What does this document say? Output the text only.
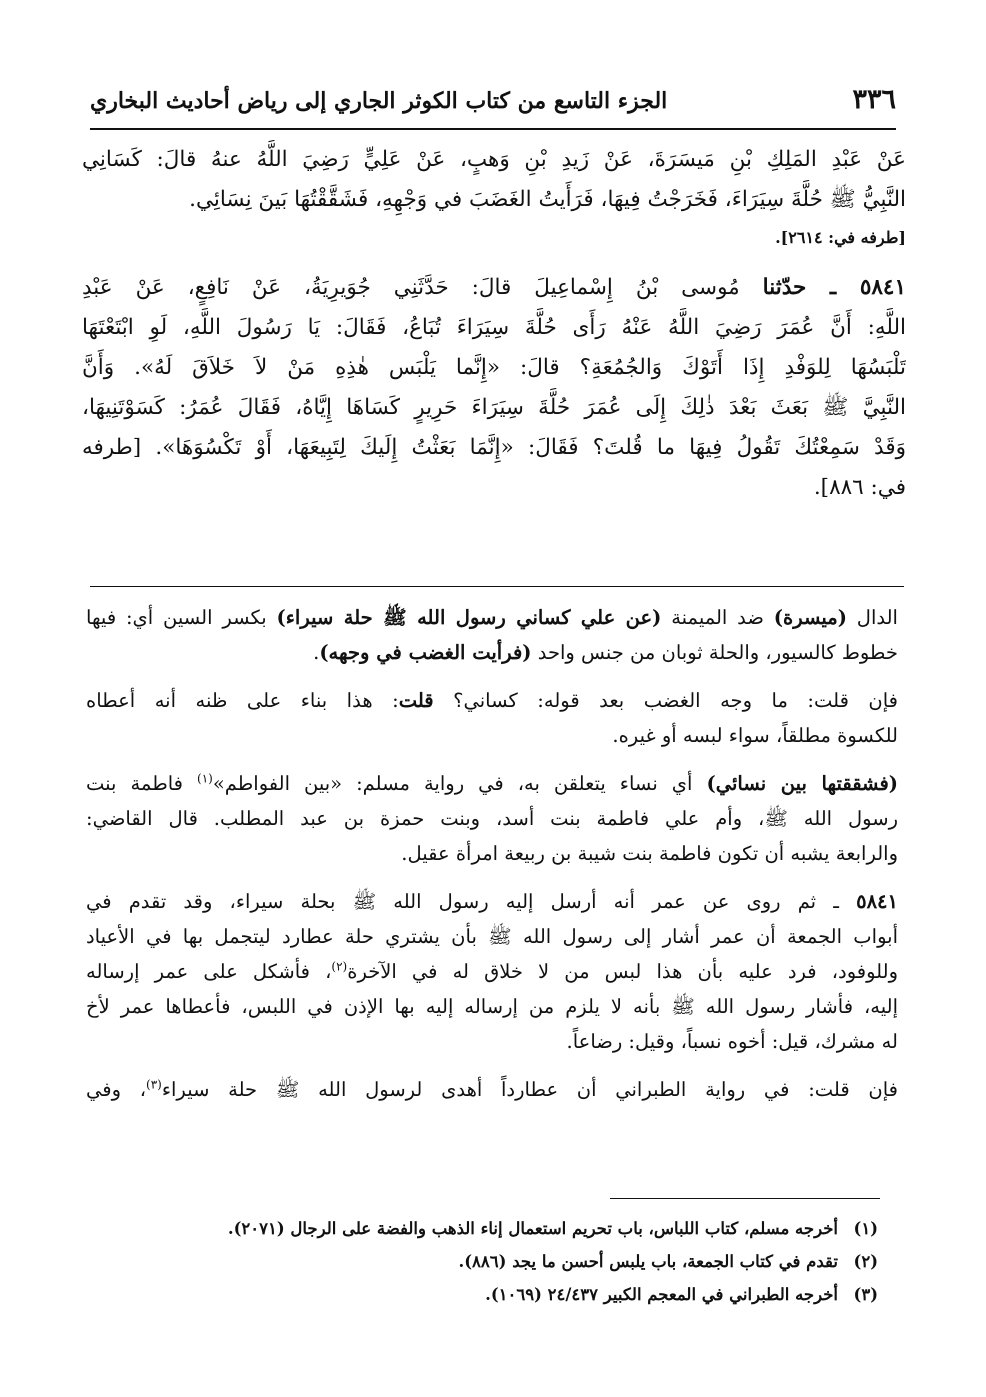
٣٣٦
الجزء التاسع من كتاب الكوثر الجاري إلى رياض أحاديث البخاري
عَنْ عَبْدِ المَلِكِ بْنِ مَيسَرَةَ، عَنْ زَيدِ بْنِ وَهبٍ، عَنْ عَلِيٍّ رَضِيَ اللَّهُ عنهُ قالَ: كَسَانِي
النَّبِيُّ ﷺ حُلَّةَ سِيَرَاءَ، فَخَرَجْتُ فِيهَا، فَرَأَيتُ الغَضَبَ في وَجْهِهِ، فَشَقَّقْتُهَا بَينَ نِسَائِي.
[طرفه في: ٢٦١٤].
٥٨٤١ ـ حدّثنا مُوسى بْنُ إِسْماعِيلَ قالَ: حَدَّثَنِي جُوَيرِيَةُ، عَنْ نَافِعٍ، عَنْ عَبْدِ
اللَّهِ: أَنَّ عُمَرَ رَضِيَ اللَّهُ عَنْهُ رَأَى حُلَّةَ سِيَرَاءَ تُبَاعُ، فَقَالَ: يَا رَسُولَ اللَّهِ، لَوِ ابْتَعْتَهَا
تَلْبَسُهَا لِلوَفْدِ إِذَا أَتَوْكَ وَالجُمُعَةِ؟ قالَ: «إِنَّما يَلْبَس هٰذِهِ مَنْ لاَ خَلاَقَ لَهُ». وَأَنَّ
النَّبِيَّ ﷺ بَعَثَ بَعْدَ ذٰلِكَ إِلَى عُمَرَ حُلَّةَ سِيَرَاءَ حَرِيرٍ كَسَاهَا إِيَّاهُ، فَقَالَ عُمَرُ: كَسَوْتَنِيهَا،
وَقَدْ سَمِعْتُكَ تَقُولُ فِيهَا ما قُلتَ؟ فَقَالَ: «إِنَّمَا بَعَثْتُ إِلَيكَ لِتَبِيعَهَا، أَوْ تَكْسُوَهَا». [طرفه
في: ٨٨٦].
الدال (ميسرة) ضد الميمنة (عن علي كساني رسول الله ﷺ حلة سيراء) بكسر السين أي: فيها
خطوط كالسيور، والحلة ثوبان من جنس واحد (فرأيت الغضب في وجهه).
فإن قلت: ما وجه الغضب بعد قوله: كساني؟ قلت: هذا بناء على ظنه أنه أعطاه
للكسوة مطلقاً، سواء لبسه أو غيره.
(فشققتها بين نسائي) أي نساء يتعلقن به، في رواية مسلم: «بين الفواطم»$^{(١)}$ فاطمة بنت
رسول الله ﷺ، وأم علي فاطمة بنت أسد، وبنت حمزة بن عبد المطلب. قال القاضي:
والرابعة يشبه أن تكون فاطمة بنت شيبة بن ربيعة امرأة عقيل.
٥٨٤١ ـ ثم روى عن عمر أنه أرسل إليه رسول الله ﷺ بحلة سيراء، وقد تقدم في
أبواب الجمعة أن عمر أشار إلى رسول الله ﷺ بأن يشتري حلة عطارد ليتجمل بها في الأعياد
وللوفود، فرد عليه بأن هذا لبس من لا خلاق له في الآخرة$^{(٢)}$، فأشكل على عمر إرساله
إليه، فأشار رسول الله ﷺ بأنه لا يلزم من إرساله إليه بها الإذن في اللبس، فأعطاها عمر لأخ
له مشرك، قيل: أخوه نسباً، وقيل: رضاعاً.
فإن قلت: في رواية الطبراني أن عطارداً أهدى لرسول الله ﷺ حلة سيراء$^{(٣)}$، وفي
(١)أخرجه مسلم، كتاب اللباس، باب تحريم استعمال إناء الذهب والفضة على الرجال (٢٠٧١).
(٢)تقدم في كتاب الجمعة، باب يلبس أحسن ما يجد (٨٨٦).
(٣)أخرجه الطبراني في المعجم الكبير ٢٤/٤٣٧ (١٠٦٩).
